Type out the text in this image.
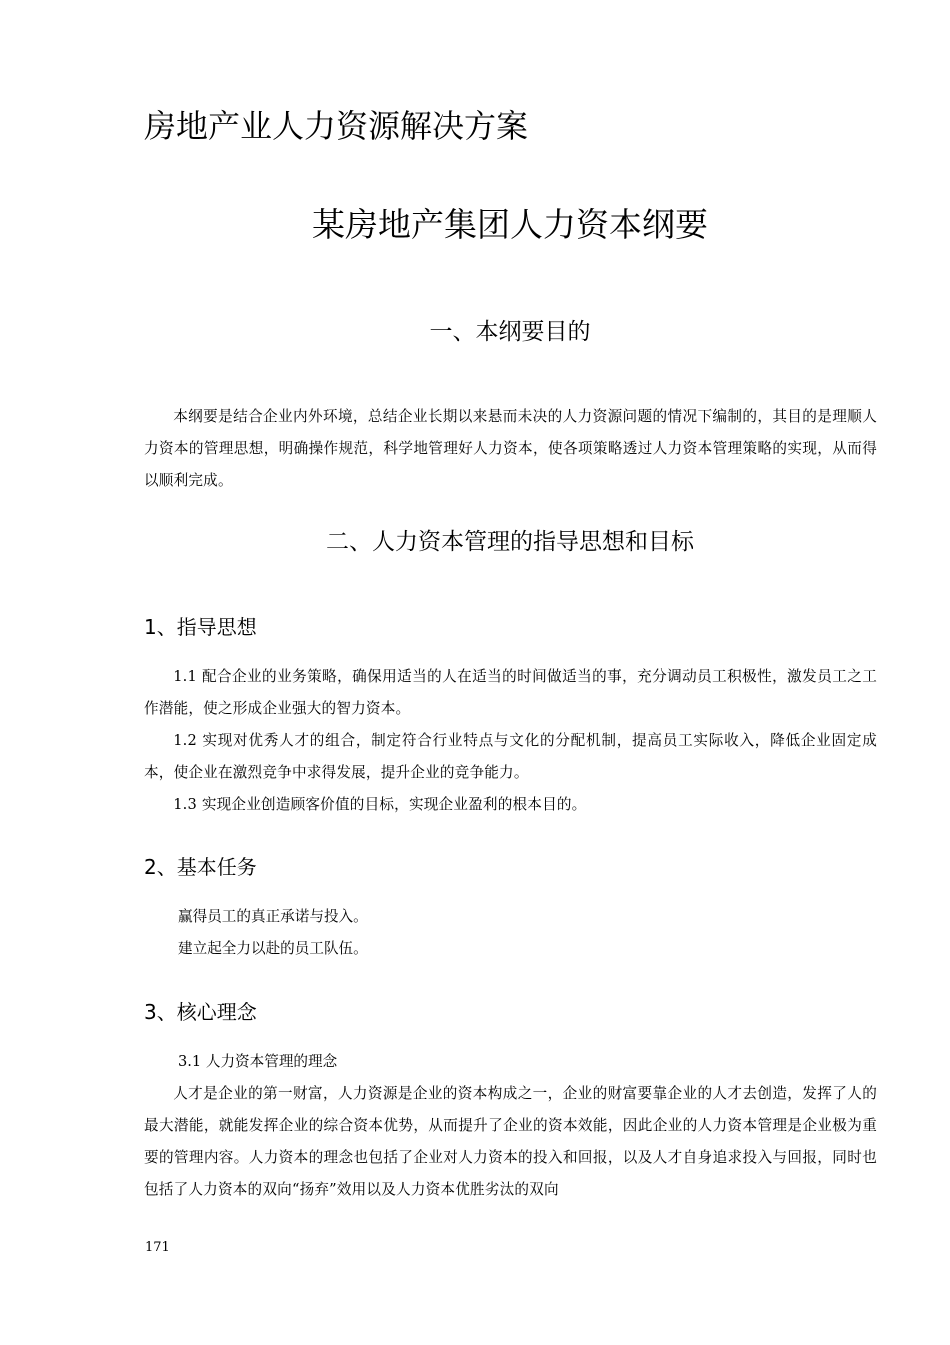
房地产业人力资源解决方案
某房地产集团人力资本纲要
一、本纲要目的

本纲要是结合企业内外环境，总结企业长期以来悬而未决的人力资源问题的情况下编制的，其目的是理顺人力资本的管理思想，明确操作规范，科学地管理好人力资本，使各项策略透过人力资本管理策略的实现，从而得以顺利完成。

二、人力资本管理的指导思想和目标
1、指导思想

1.1 配合企业的业务策略，确保用适当的人在适当的时间做适当的事，充分调动员工积极性，激发员工之工作潜能，使之形成企业强大的智力资本。

1.2 实现对优秀人才的组合，制定符合行业特点与文化的分配机制，提高员工实际收入，降低企业固定成本，使企业在激烈竞争中求得发展，提升企业的竞争能力。

1.3 实现企业创造顾客价值的目标，实现企业盈利的根本目的。

2、基本任务

赢得员工的真正承诺与投入。

建立起全力以赴的员工队伍。

3、核心理念

3.1 人力资本管理的理念

人才是企业的第一财富，人力资源是企业的资本构成之一，企业的财富要靠企业的人才去创造，发挥了人的最大潜能，就能发挥企业的综合资本优势，从而提升了企业的资本效能，因此企业的人力资本管理是企业极为重要的管理内容。人力资本的理念也包括了企业对人力资本的投入和回报，以及人才自身追求投入与回报，同时也包括了人力资本的双向“扬弃”效用以及人力资本优胜劣汰的双向

171
